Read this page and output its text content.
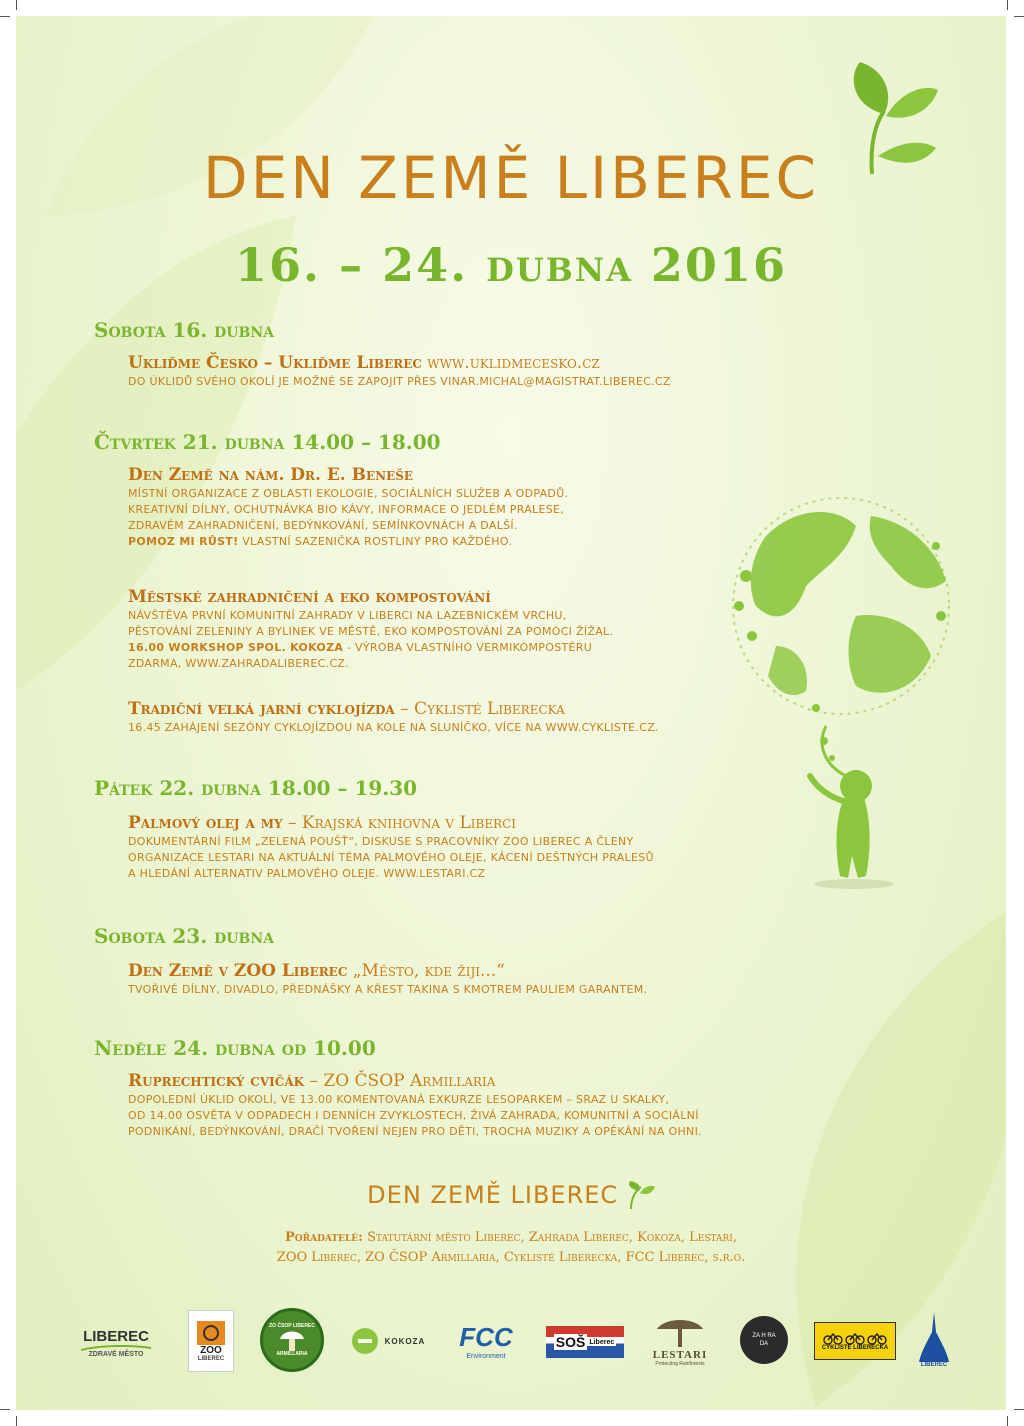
DEN ZEMĚ LIBEREC
16. – 24. dubna 2016
Sobota 16. dubna
Ukliďme Česko – Ukliďme Liberec www.uklidmecesko.cz
DO ÚKLIDŮ SVÉHO OKOLÍ JE MOŽNÉ SE ZAPOJIT PŘES VINAR.MICHAL@MAGISTRAT.LIBEREC.CZ
Čtvrtek 21. dubna 14.00 – 18.00
Den Země na nám. Dr. E. Beneše
MÍSTNÍ ORGANIZACE Z OBLASTI EKOLOGIE, SOCIÁLNÍCH SLUŽEB A ODPADŮ.
KREATIVNÍ DÍLNY, OCHUTNÁVKA BIO KÁVY, INFORMACE O JEDLÉM PRALESE,
ZDRAVÉM ZAHRADNIČENÍ, BEDÝNKOVÁNÍ, SEMÍNKOVNÁCH A DALŠÍ.
POMOZ MI RŮST! VLASTNÍ SAZENIČKA ROSTLINY PRO KAŽDÉHO.
Městské zahradničení a eko kompostování
NÁVŠTĚVA PRVNÍ KOMUNITNÍ ZAHRADY V LIBERCI NA LAZEBNICKÉM VRCHU,
PĚSTOVÁNÍ ZELENINY A BYLINEK VE MĚSTĚ, EKO KOMPOSTOVÁNÍ ZA POMOCI ŽÍŽAL.
16.00 WORKSHOP SPOL. KOKOZA - VÝROBA VLASTNÍHO VERMIKOMPOSTÉRU
ZDARMA, WWW.ZAHRADALIBEREC.CZ.
Tradiční velká jarní cyklojízda – Cyklisté Liberecka
16.45 ZAHÁJENÍ SEZÓNY CYKLOJÍZDOU NA KOLE NA SLUNÍČKO, VÍCE NA WWW.CYKLISTE.CZ.
Pátek 22. dubna 18.00 – 19.30
Palmový olej a my – Krajská knihovna v Liberci
DOKUMENTÁRNÍ FILM „ZELENÁ POUŠŤ“, DISKUSE S PRACOVNÍKY ZOO LIBEREC A ČLENY
ORGANIZACE LESTARI NA AKTUÁLNÍ TÉMA PALMOVÉHO OLEJE, KÁCENÍ DEŠTNÝCH PRALESŮ
A HLEDÁNÍ ALTERNATIV PALMOVÉHO OLEJE. WWW.LESTARI.CZ
Sobota 23. dubna
Den Země v ZOO Liberec „Město, kde žiji...“
TVOŘIVÉ DÍLNY, DIVADLO, PŘEDNÁŠKY A KŘEST TAKINA S KMOTREM PAULIEM GARANTEM.
Neděle 24. dubna od 10.00
Ruprechtický cvičák – ZO ČSOP Armillaria
DOPOLEDNÍ ÚKLID OKOLÍ, VE 13.00 KOMENTOVANÁ EXKURZE LESOPARKEM – SRAZ U SKALKY,
OD 14.00 OSVĚTA V ODPADECH I DENNÍCH ZVYKLOSTECH, ŽIVÁ ZAHRADA, KOMUNITNÍ A SOCIÁLNÍ
PODNIKÁNÍ, BEDÝNKOVÁNÍ, DRAČÍ TVOŘENÍ NEJEN PRO DĚTI, TROCHA MUZIKY A OPÉKÁNÍ NA OHNI.
DEN ZEMĚ LIBEREC
Pořadatelé: Statutární město Liberec, Zahrada Liberec, Kokoza, Lestari,
ZOO Liberec, ZO ČSOP Armillaria, Cyklisté Liberecka, FCC Liberec, s.r.o.
LIBEREC
ZDRAVÉ MĚSTO	ZOO
LIBEREC
ZO ČSOP LIBEREC
ARMILLARIA
KOKOZA FCC
Environment
SOŠ Liberec
LESTARI
Protecting Rainforests
ZA H RA DA
CYKLISTÉ LIBERECKA
LIBEREC
